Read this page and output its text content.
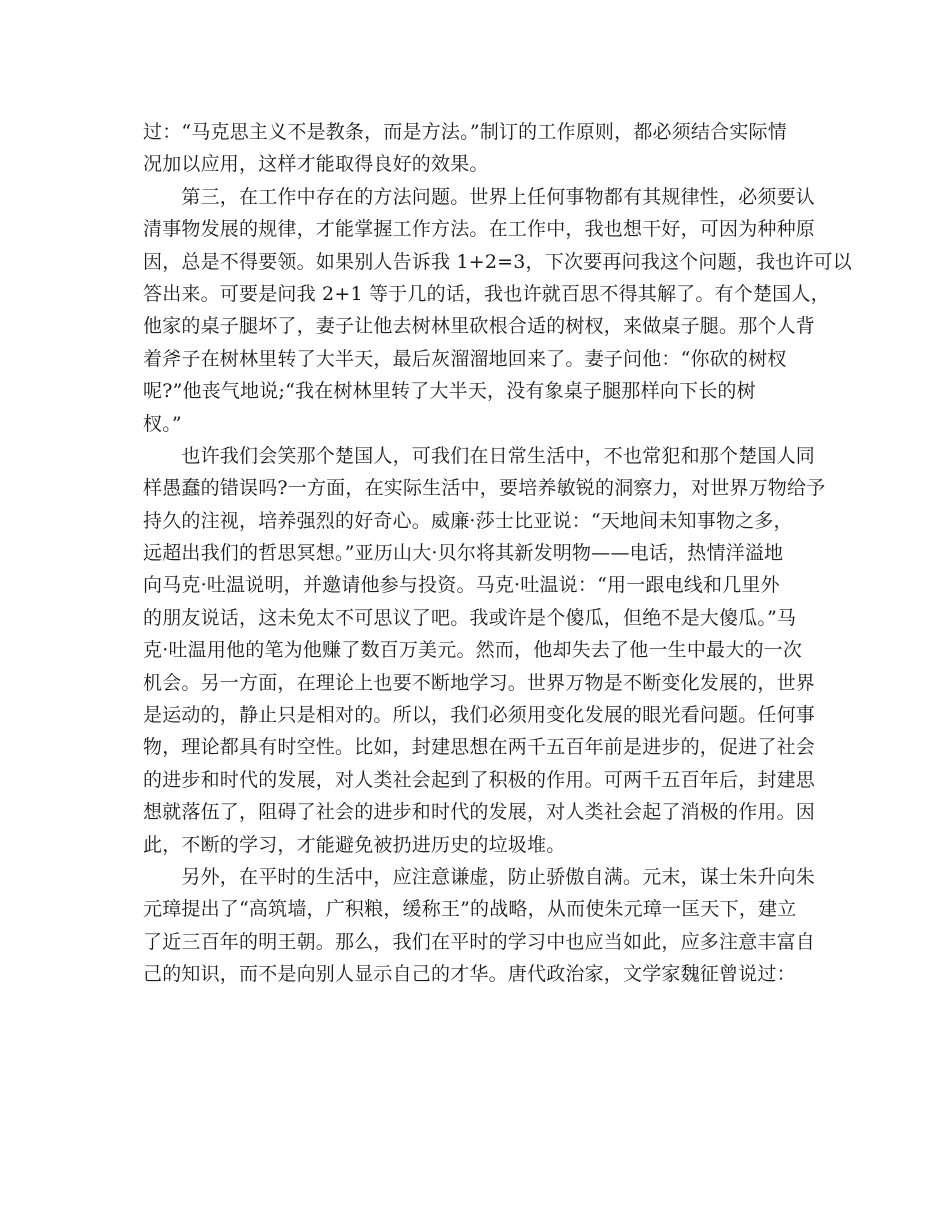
过：“马克思主义不是教条，而是方法。”制订的工作原则，都必须结合实际情
况加以应用，这样才能取得良好的效果。
　　第三，在工作中存在的方法问题。世界上任何事物都有其规律性，必须要认
清事物发展的规律，才能掌握工作方法。在工作中，我也想干好，可因为种种原
因，总是不得要领。如果别人告诉我 1+2=3，下次要再问我这个问题，我也许可以
答出来。可要是问我 2+1 等于几的话，我也许就百思不得其解了。有个楚国人，
他家的桌子腿坏了，妻子让他去树林里砍根合适的树杈，来做桌子腿。那个人背
着斧子在树林里转了大半天，最后灰溜溜地回来了。妻子问他：“你砍的树杈
呢?”他丧气地说;“我在树林里转了大半天，没有象桌子腿那样向下长的树
杈。”
　　也许我们会笑那个楚国人，可我们在日常生活中，不也常犯和那个楚国人同
样愚蠢的错误吗?一方面，在实际生活中，要培养敏锐的洞察力，对世界万物给予
持久的注视，培养强烈的好奇心。威廉·莎士比亚说：“天地间未知事物之多，
远超出我们的哲思冥想。”亚历山大·贝尔将其新发明物——电话，热情洋溢地
向马克·吐温说明，并邀请他参与投资。马克·吐温说：“用一跟电线和几里外
的朋友说话，这未免太不可思议了吧。我或许是个傻瓜，但绝不是大傻瓜。”马
克·吐温用他的笔为他赚了数百万美元。然而，他却失去了他一生中最大的一次
机会。另一方面，在理论上也要不断地学习。世界万物是不断变化发展的，世界
是运动的，静止只是相对的。所以，我们必须用变化发展的眼光看问题。任何事
物，理论都具有时空性。比如，封建思想在两千五百年前是进步的，促进了社会
的进步和时代的发展，对人类社会起到了积极的作用。可两千五百年后，封建思
想就落伍了，阻碍了社会的进步和时代的发展，对人类社会起了消极的作用。因
此，不断的学习，才能避免被扔进历史的垃圾堆。
　　另外，在平时的生活中，应注意谦虚，防止骄傲自满。元末，谋士朱升向朱
元璋提出了“高筑墙，广积粮，缓称王”的战略，从而使朱元璋一匡天下，建立
了近三百年的明王朝。那么，我们在平时的学习中也应当如此，应多注意丰富自
己的知识，而不是向别人显示自己的才华。唐代政治家，文学家魏征曾说过：
